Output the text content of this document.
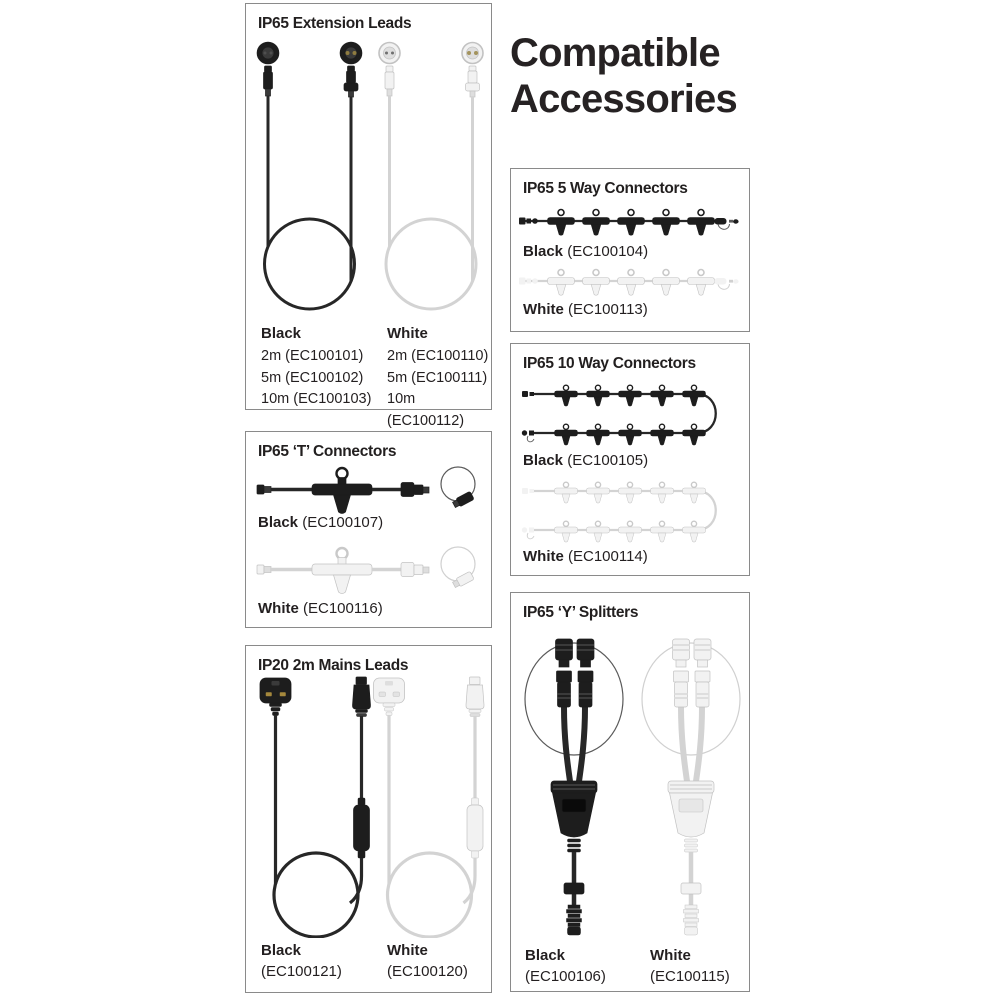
Compatible
Accessories
IP65 Extension Leads
Black
2m (EC100101)
5m (EC100102)
10m (EC100103)
White
2m (EC100110)
5m (EC100111)
10m (EC100112)
IP65 ‘T’ Connectors
Black (EC100107)
White (EC100116)
IP20 2m Mains Leads
Black
(EC100121)
White
(EC100120)
IP65 5 Way Connectors
Black (EC100104)
White (EC100113)
IP65 10 Way Connectors
Black (EC100105)
White (EC100114)
IP65 ‘Y’ Splitters
Black
(EC100106)
White
(EC100115)
